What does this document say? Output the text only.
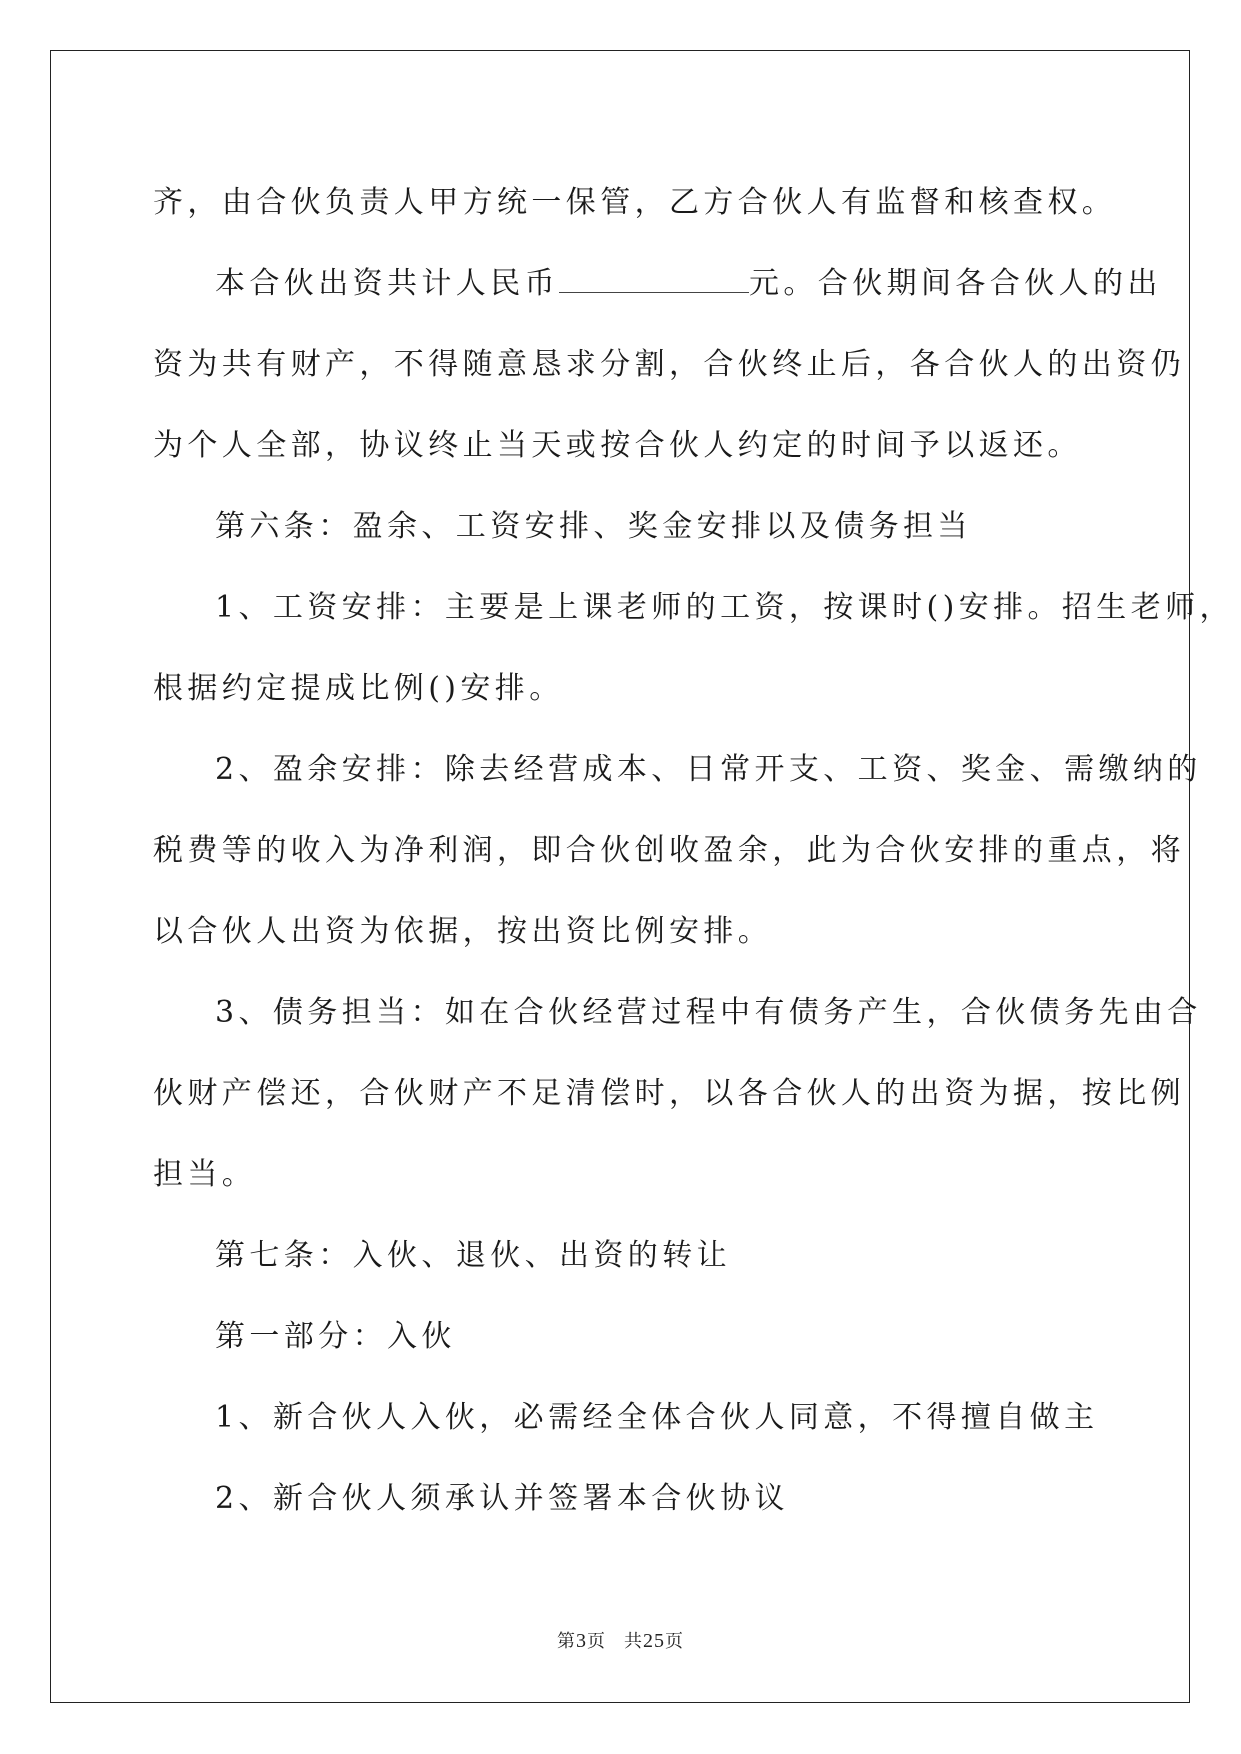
齐，由合伙负责人甲方统一保管，乙方合伙人有监督和核查权。
本合伙出资共计人民币	元。合伙期间各合伙人的出
资为共有财产，不得随意恳求分割，合伙终止后，各合伙人的出资仍
为个人全部，协议终止当天或按合伙人约定的时间予以返还。
第六条：盈余、工资安排、奖金安排以及债务担当
1、工资安排：主要是上课老师的工资，按课时()安排。招生老师，
根据约定提成比例()安排。
2、盈余安排：除去经营成本、日常开支、工资、奖金、需缴纳的
税费等的收入为净利润，即合伙创收盈余，此为合伙安排的重点，将
以合伙人出资为依据，按出资比例安排。
3、债务担当：如在合伙经营过程中有债务产生，合伙债务先由合
伙财产偿还，合伙财产不足清偿时，以各合伙人的出资为据，按比例
担当。
第七条：入伙、退伙、出资的转让
第一部分：入伙
1、新合伙人入伙，必需经全体合伙人同意，不得擅自做主
2、新合伙人须承认并签署本合伙协议
第3页 共25页
